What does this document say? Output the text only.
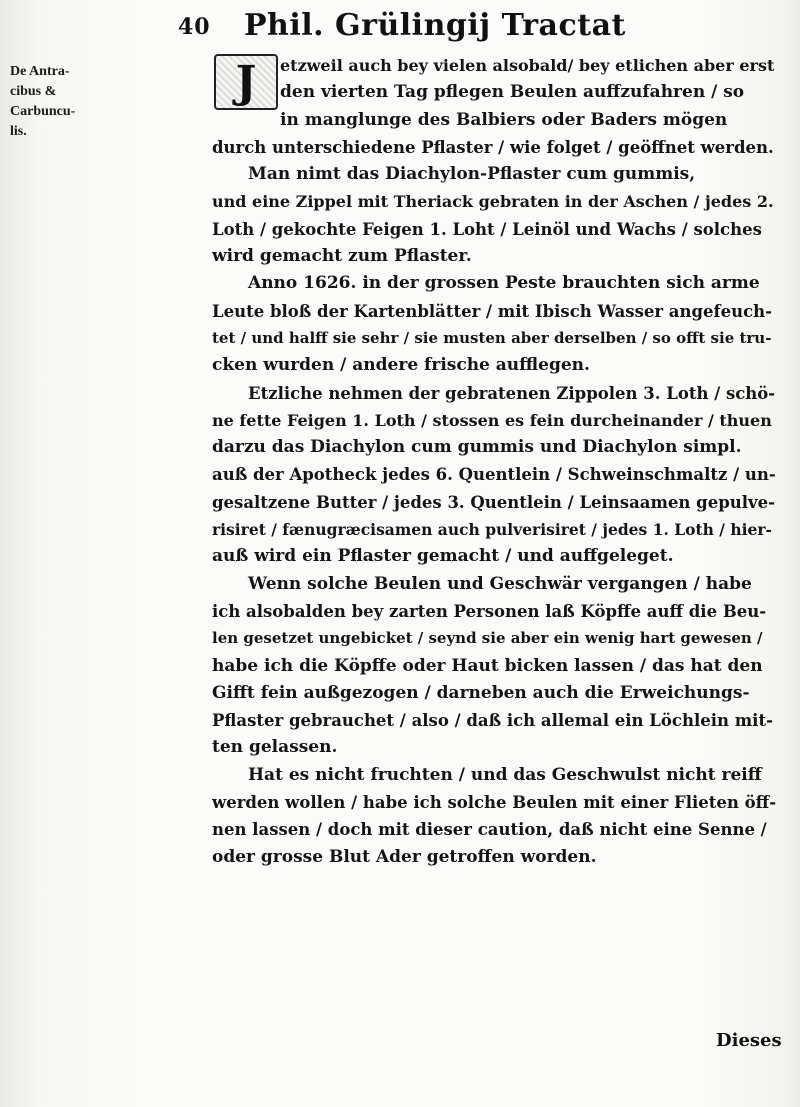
40 Phil. Grülingij Tractat
De Antra-
cibus &
Carbuncu-
lis.
etzweil auch bey vielen alsobald/ bey etlichen aber erst
den vierten Tag pflegen Beulen auffzufahren / so
in manglunge des Balbiers oder Baders mögen
durch unterschiedene Pflaster / wie folget / geöffnet werden.
Man nimt das Diachylon-Pflaster cum gummis,
und eine Zippel mit Theriack gebraten in der Aschen / jedes 2.
Loth / gekochte Feigen 1. Loht / Leinöl und Wachs / solches
wird gemacht zum Pflaster.
Anno 1626. in der grossen Peste brauchten sich arme
Leute bloß der Kartenblätter / mit Ibisch Wasser angefeuch-
tet / und halff sie sehr / sie musten aber derselben / so offt sie tru-
cken wurden / andere frische aufflegen.
Etzliche nehmen der gebratenen Zippolen 3. Loth / schö-
ne fette Feigen 1. Loth / stossen es fein durcheinander / thuen
darzu das Diachylon cum gummis und Diachylon simpl.
auß der Apotheck jedes 6. Quentlein / Schweinschmaltz / un-
gesaltzene Butter / jedes 3. Quentlein / Leinsaamen gepulve-
risiret / fænugræcisamen auch pulverisiret / jedes 1. Loth / hier-
auß wird ein Pflaster gemacht / und auffgeleget.
Wenn solche Beulen und Geschwär vergangen / habe
ich alsobalden bey zarten Personen laß Köpffe auff die Beu-
len gesetzet ungebicket / seynd sie aber ein wenig hart gewesen /
habe ich die Köpffe oder Haut bicken lassen / das hat den
Gifft fein außgezogen / darneben auch die Erweichungs-
Pflaster gebrauchet / also / daß ich allemal ein Löchlein mit-
ten gelassen.
Hat es nicht fruchten / und das Geschwulst nicht reiff
werden wollen / habe ich solche Beulen mit einer Flieten öff-
nen lassen / doch mit dieser caution, daß nicht eine Senne /
oder grosse Blut Ader getroffen worden.
J
Dieses
